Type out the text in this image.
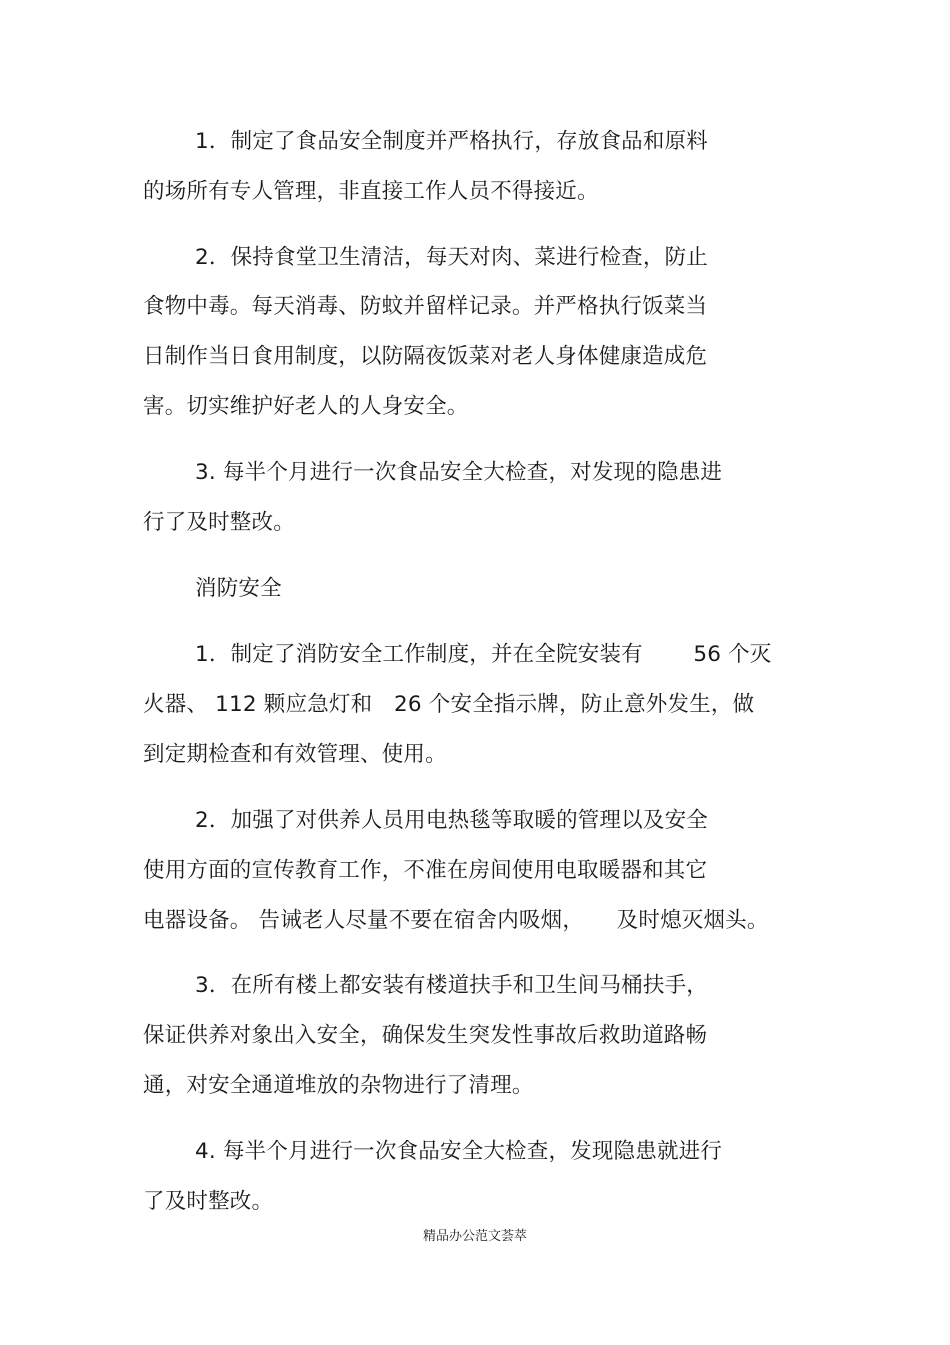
1．制定了食品安全制度并严格执行，存放食品和原料
的场所有专人管理，非直接工作人员不得接近。
2．保持食堂卫生清洁，每天对肉、菜进行检查，防止
食物中毒。每天消毒、防蚊并留样记录。并严格执行饭菜当
日制作当日食用制度，以防隔夜饭菜对老人身体健康造成危
害。切实维护好老人的人身安全。
3. 每半个月进行一次食品安全大检查，对发现的隐患进
行了及时整改。
消防安全
1．制定了消防安全工作制度，并在全院安装有　　 56 个灭
火器、 112 颗应急灯和　26 个安全指示牌，防止意外发生，做
到定期检查和有效管理、使用。
2．加强了对供养人员用电热毯等取暖的管理以及安全
使用方面的宣传教育工作，不准在房间使用电取暖器和其它
电器设备。 告诫老人尽量不要在宿舍内吸烟，　　及时熄灭烟头。
3．在所有楼上都安装有楼道扶手和卫生间马桶扶手，
保证供养对象出入安全，确保发生突发性事故后救助道路畅
通，对安全通道堆放的杂物进行了清理。
4. 每半个月进行一次食品安全大检查，发现隐患就进行
了及时整改。
精品办公范文荟萃
